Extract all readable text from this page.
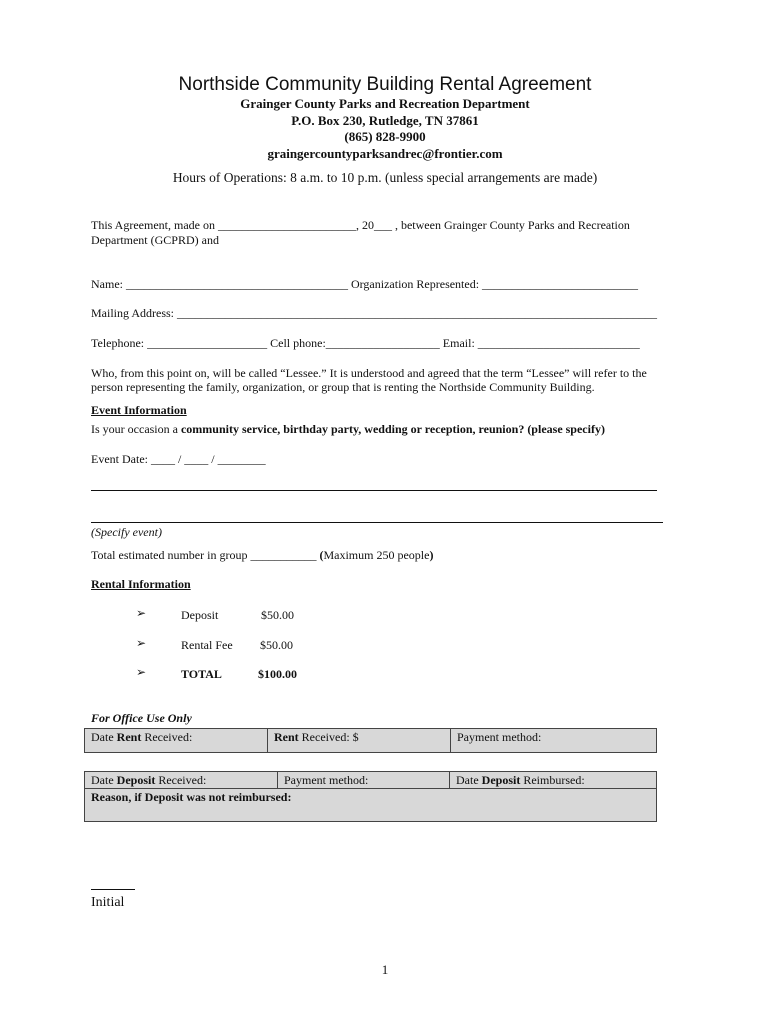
Northside Community Building Rental Agreement
Grainger County Parks and Recreation Department
P.O. Box 230, Rutledge, TN 37861
(865) 828-9900
graingercountyparksandrec@frontier.com
Hours of Operations: 8 a.m. to 10 p.m. (unless special arrangements are made)
This Agreement, made on _______________________, 20___ , between Grainger County Parks and Recreation
Department (GCPRD) and
Name: _____________________________________ Organization Represented: __________________________
Mailing Address: ________________________________________________________________________________
Telephone: ____________________ Cell phone:___________________ Email: ___________________________
Who, from this point on, will be called “Lessee.” It is understood and agreed that the term “Lessee” will refer to the
person representing the family, organization, or group that is renting the Northside Community Building.
Event Information
Is your occasion a community service, birthday party, wedding or reception, reunion? (please specify)
Event Date: ____ / ____ / ________
(Specify event)
Total estimated number in group ___________ (Maximum 250 people)
Rental Information
➢	Deposit	$50.00
➢	Rental Fee $50.00
➢	TOTAL	$100.00
For Office Use Only
Date Rent Received:	Rent Received: $	Payment method:
Date Deposit Received:	Payment method:	Date Deposit Reimbursed:
Reason, if Deposit was not reimbursed:
Initial
1
